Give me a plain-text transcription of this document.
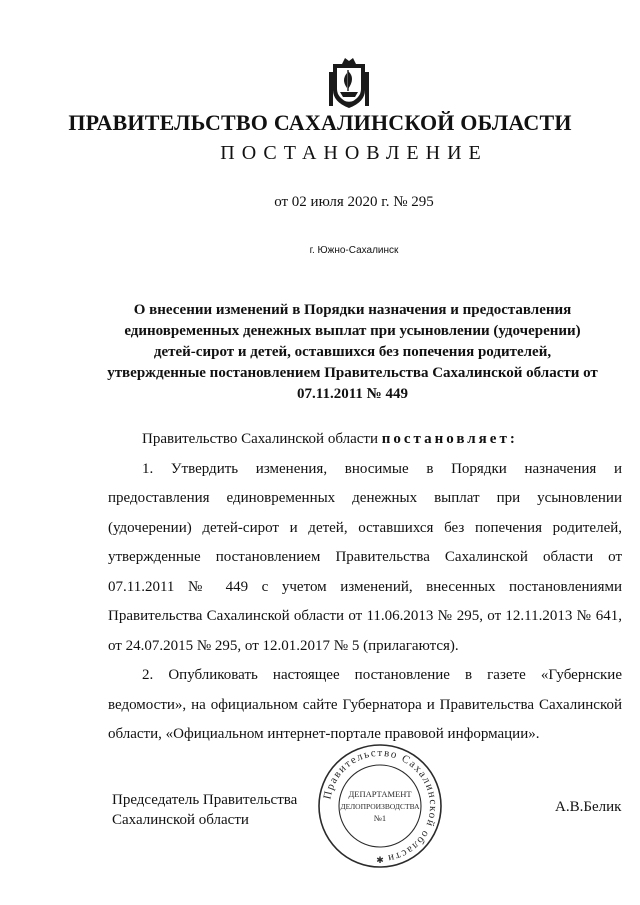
ПРАВИТЕЛЬСТВО САХАЛИНСКОЙ ОБЛАСТИ
ПОСТАНОВЛЕНИЕ
от 02 июля 2020 г. № 295
г. Южно-Сахалинск
О внесении изменений в Порядки назначения и предоставления
единовременных денежных выплат при усыновлении (удочерении)
детей-сирот и детей, оставшихся без попечения родителей,
утвержденные постановлением Правительства Сахалинской области от
07.11.2011 № 449

Правительство Сахалинской области постановляет:

1. Утвердить изменения, вносимые в Порядки назначения и предоставления единовременных денежных выплат при усыновлении (удочерении) детей-сирот и детей, оставшихся без попечения родителей, утвержденные постановлением Правительства Сахалинской области от 07.11.2011 № 449 с учетом изменений, внесенных постановлениями Правительства Сахалинской области от 11.06.2013 № 295, от 12.11.2013 № 641, от 24.07.2015 № 295, от 12.01.2017 № 5 (прилагаются).

2. Опубликовать настоящее постановление в газете «Губернские ведомости», на официальном сайте Губернатора и Правительства Сахалинской области, «Официальном интернет-портале правовой информации».

Председатель Правительства
Сахалинской области
Правительство Сахалинской области
ДЕПАРТАМЕНТ
ДЕЛОПРОИЗВОДСТВА
№1
✱
А.В.Белик
